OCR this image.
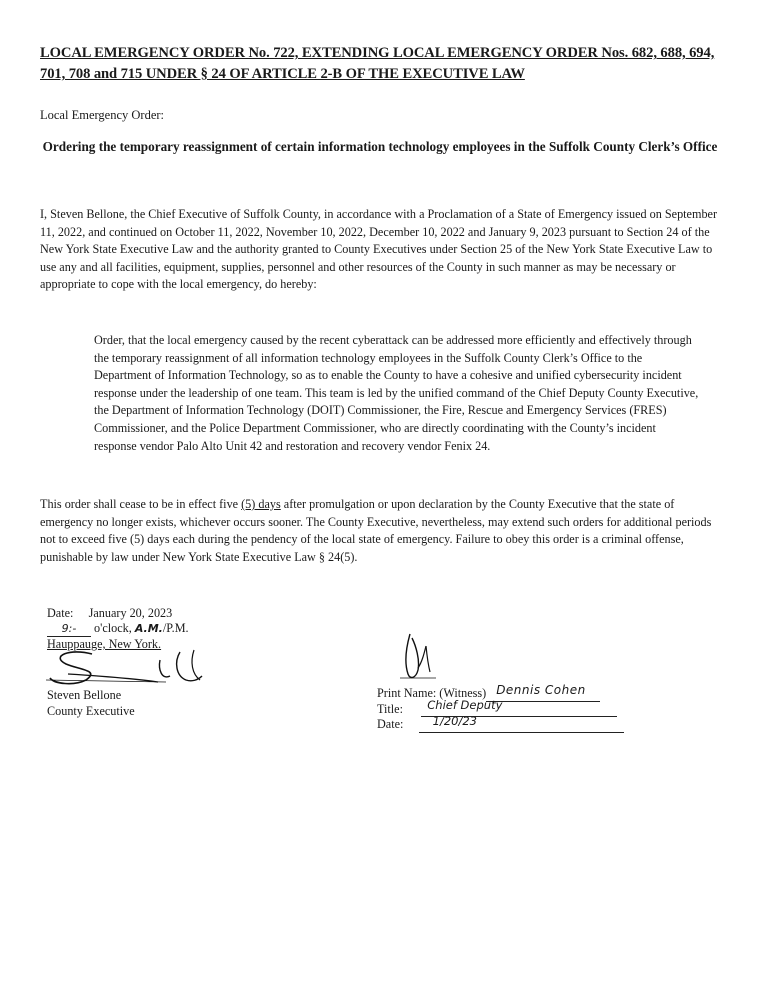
LOCAL EMERGENCY ORDER No. 722, EXTENDING LOCAL EMERGENCY ORDER Nos. 682, 688, 694, 701, 708 and 715 UNDER § 24 OF ARTICLE 2-B OF THE EXECUTIVE LAW
Local Emergency Order:
Ordering the temporary reassignment of certain information technology employees in the Suffolk County Clerk’s Office

I, Steven Bellone, the Chief Executive of Suffolk County, in accordance with a Proclamation of a State of Emergency issued on September 11, 2022, and continued on October 11, 2022, November 10, 2022, December 10, 2022 and January 9, 2023 pursuant to Section 24 of the New York State Executive Law and the authority granted to County Executives under Section 25 of the New York State Executive Law to use any and all facilities, equipment, supplies, personnel and other resources of the County in such manner as may be necessary or appropriate to cope with the local emergency, do hereby:

Order, that the local emergency caused by the recent cyberattack can be addressed more efficiently and effectively through the temporary reassignment of all information technology employees in the Suffolk County Clerk’s Office to the Department of Information Technology, so as to enable the County to have a cohesive and unified cybersecurity incident response under the leadership of one team. This team is led by the unified command of the Chief Deputy County Executive, the Department of Information Technology (DOIT) Commissioner, the Fire, Rescue and Emergency Services (FRES) Commissioner, and the Police Department Commissioner, who are directly coordinating with the County’s incident response vendor Palo Alto Unit 42 and restoration and recovery vendor Fenix 24.

This order shall cease to be in effect five (5) days after promulgation or upon declaration by the County Executive that the state of emergency no longer exists, whichever occurs sooner. The County Executive, nevertheless, may extend such orders for additional periods not to exceed five (5) days each during the pendency of the local state of emergency. Failure to obey this order is a criminal offense, punishable by law under New York State Executive Law § 24(5).

Date: January 20, 2023
9:- o'clock, A.M./P.M.
Hauppauge, New York.
Steven Bellone
County Executive
Print Name: (Witness) Dennis Cohen
Title:
Chief Deputy
Date:
	1/20/23
